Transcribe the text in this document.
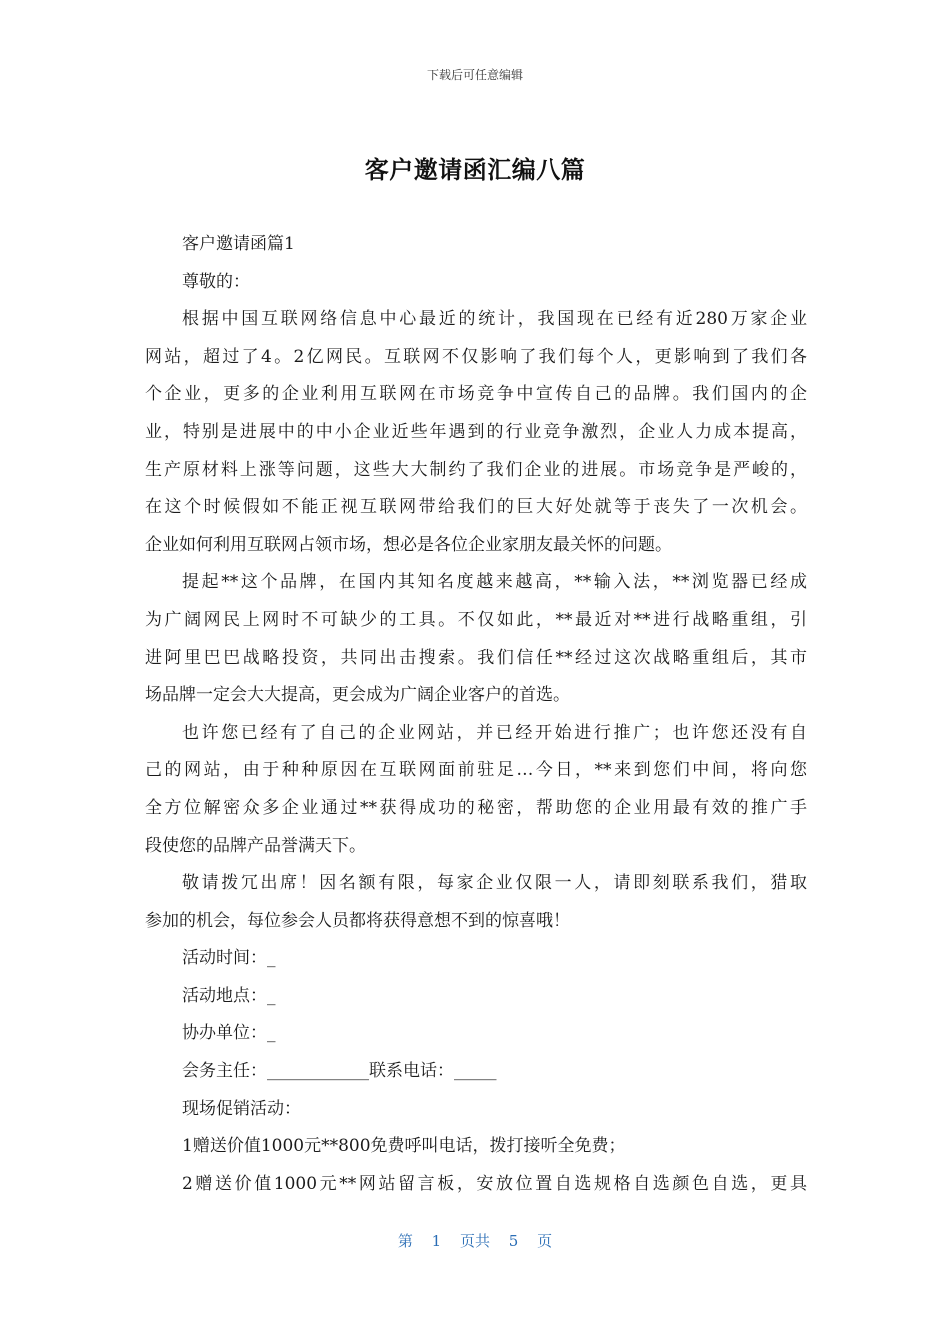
下载后可任意编辑
客户邀请函汇编八篇
客户邀请函篇1
尊敬的：
根据中国互联网络信息中心最近的统计，我国现在已经有近280万家企业
网站，超过了4。2亿网民。互联网不仅影响了我们每个人，更影响到了我们各
个企业，更多的企业利用互联网在市场竞争中宣传自己的品牌。我们国内的企
业，特别是进展中的中小企业近些年遇到的行业竞争激烈，企业人力成本提高，
生产原材料上涨等问题，这些大大制约了我们企业的进展。市场竞争是严峻的，
在这个时候假如不能正视互联网带给我们的巨大好处就等于丧失了一次机会。
企业如何利用互联网占领市场，想必是各位企业家朋友最关怀的问题。
提起**这个品牌，在国内其知名度越来越高，**输入法，**浏览器已经成
为广阔网民上网时不可缺少的工具。不仅如此，**最近对**进行战略重组，引
进阿里巴巴战略投资，共同出击搜索。我们信任**经过这次战略重组后，其市
场品牌一定会大大提高，更会成为广阔企业客户的首选。
也许您已经有了自己的企业网站，并已经开始进行推广；也许您还没有自
己的网站，由于种种原因在互联网面前驻足…今日，**来到您们中间，将向您
全方位解密众多企业通过**获得成功的秘密，帮助您的企业用最有效的推广手
段使您的品牌产品誉满天下。
敬请拨冗出席！因名额有限，每家企业仅限一人，请即刻联系我们，猎取
参加的机会，每位参会人员都将获得意想不到的惊喜哦！
活动时间：_
活动地点：_
协办单位：_
会务主任：____________联系电话：_____
现场促销活动：
1赠送价值1000元**800免费呼叫电话，拨打接听全免费；
2赠送价值1000元**网站留言板，安放位置自选规格自选颜色自选，更具
第 1 页共 5 页
